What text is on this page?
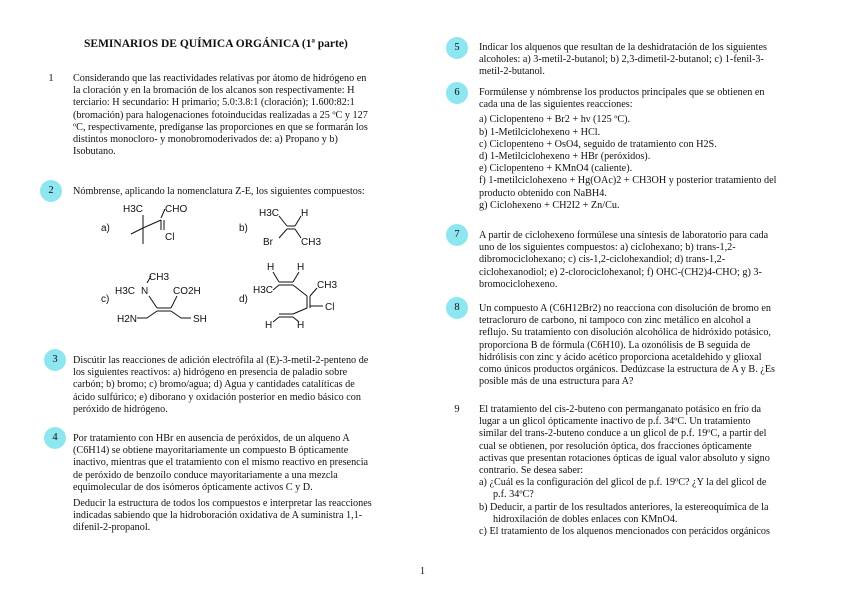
SEMINARIOS DE QUÍMICA ORGÁNICA (1ª parte)
1	Considerando que las reactividades relativas por átomo de hidrógeno en
la cloración y en la bromación de los alcanos son respectivamente: H
terciario: H secundario: H primario; 5.0:3.8:1 (cloración); 1.600:82:1
(bromación) para halogenaciones fotoinducidas realizadas a 25 ºC y 127
ºC, respectivamente, predíganse las proporciones en que se formarán los
distintos monocloro- y monobromoderivados de: a) Propano y b)
Isobutano.
2	Nómbrense, aplicando la nomenclatura Z-E, los siguientes compuestos:
a)
H3C CHO
Cl
b)
H3C H
Br	CH3
c)
CH3
H3C N CO2H
H2N	SH
d)
H H
H3C	CH3
Cl
H H
3	Discútir las reacciones de adición electrófila al (E)-3-metil-2-penteno de
los siguientes reactivos: a) hidrógeno en presencia de paladio sobre
carbón; b) bromo; c) bromo/agua; d) Agua y cantidades catalíticas de
ácido sulfúrico; e) diborano y oxidación posterior en medio básico con
peróxido de hidrógeno.
4	Por tratamiento con HBr en ausencia de peróxidos, de un alqueno A
(C6H14) se obtiene mayoritariamente un compuesto B ópticamente
inactivo, mientras que el tratamiento con el mismo reactivo en presencia
de peróxido de benzoílo conduce mayoritariamente a una mezcla
equimolecular de dos isómeros ópticamente activos C y D.
Deducir la estructura de todos los compuestos e interpretar las reacciones
indicadas sabiendo que la hidroboración oxidativa de A suministra 1,1-
difenil-2-propanol.
5	Indicar los alquenos que resultan de la deshidratación de los siguientes
alcoholes: a) 3-metil-2-butanol; b) 2,3-dimetil-2-butanol; c) 1-fenil-3-
metil-2-butanol.
6	Formúlense y nómbrense los productos principales que se obtienen en
cada una de las siguientes reacciones:
a) Ciclopenteno + Br2 + hν (125 ºC).
b) 1-Metilciclohexeno + HCl.
c) Ciclopenteno + OsO4, seguido de tratamiento con H2S.
d) 1-Metilciclohexeno + HBr (peróxidos).
e) Ciclopenteno + KMnO4 (caliente).
f) 1-metilciclohexeno + Hg(OAc)2 + CH3OH y posterior tratamiento del
producto obtenido con NaBH4.
g) Ciclohexeno + CH2I2 + Zn/Cu.
7	A partir de ciclohexeno formúlese una síntesis de laboratorio para cada
uno de los siguientes compuestos: a) ciclohexano; b) trans-1,2-
dibromociclohexano; c) cis-1,2-ciclohexandiol; d) trans-1,2-
ciclohexanodiol; e) 2-clorociclohexanol; f) OHC-(CH2)4-CHO; g) 3-
bromociclohexeno.
8	Un compuesto A (C6H12Br2) no reacciona con disolución de bromo en
tetracloruro de carbono, ni tampoco con zinc metálico en alcohol a
reflujo. Su tratamiento con disolución alcohólica de hidróxido potásico,
proporciona B de fórmula (C6H10). La ozonólisis de B seguida de
hidrólisis con zinc y ácido acético proporciona acetaldehido y glioxal
como únicos productos orgánicos. Dedúzcase la estructura de A y B. ¿Es
posible más de una estructura para A?
9	El tratamiento del cis-2-buteno con permanganato potásico en frío da
lugar a un glicol ópticamente inactivo de p.f. 34ºC. Un tratamiento
similar del trans-2-buteno conduce a un glicol de p.f. 19ºC, a partir del
cual se obtienen, por resolución óptica, dos fracciones ópticamente
activas que presentan rotaciones ópticas de igual valor absoluto y signo
contrario. Se desea saber:
a) ¿Cuál es la configuración del glicol de p.f. 19ºC? ¿Y la del glicol de
p.f. 34ºC?
b) Deducir, a partir de los resultados anteriores, la estereoquímica de la
hidroxilación de dobles enlaces con KMnO4.
c) El tratamiento de los alquenos mencionados con perácidos orgánicos
1
